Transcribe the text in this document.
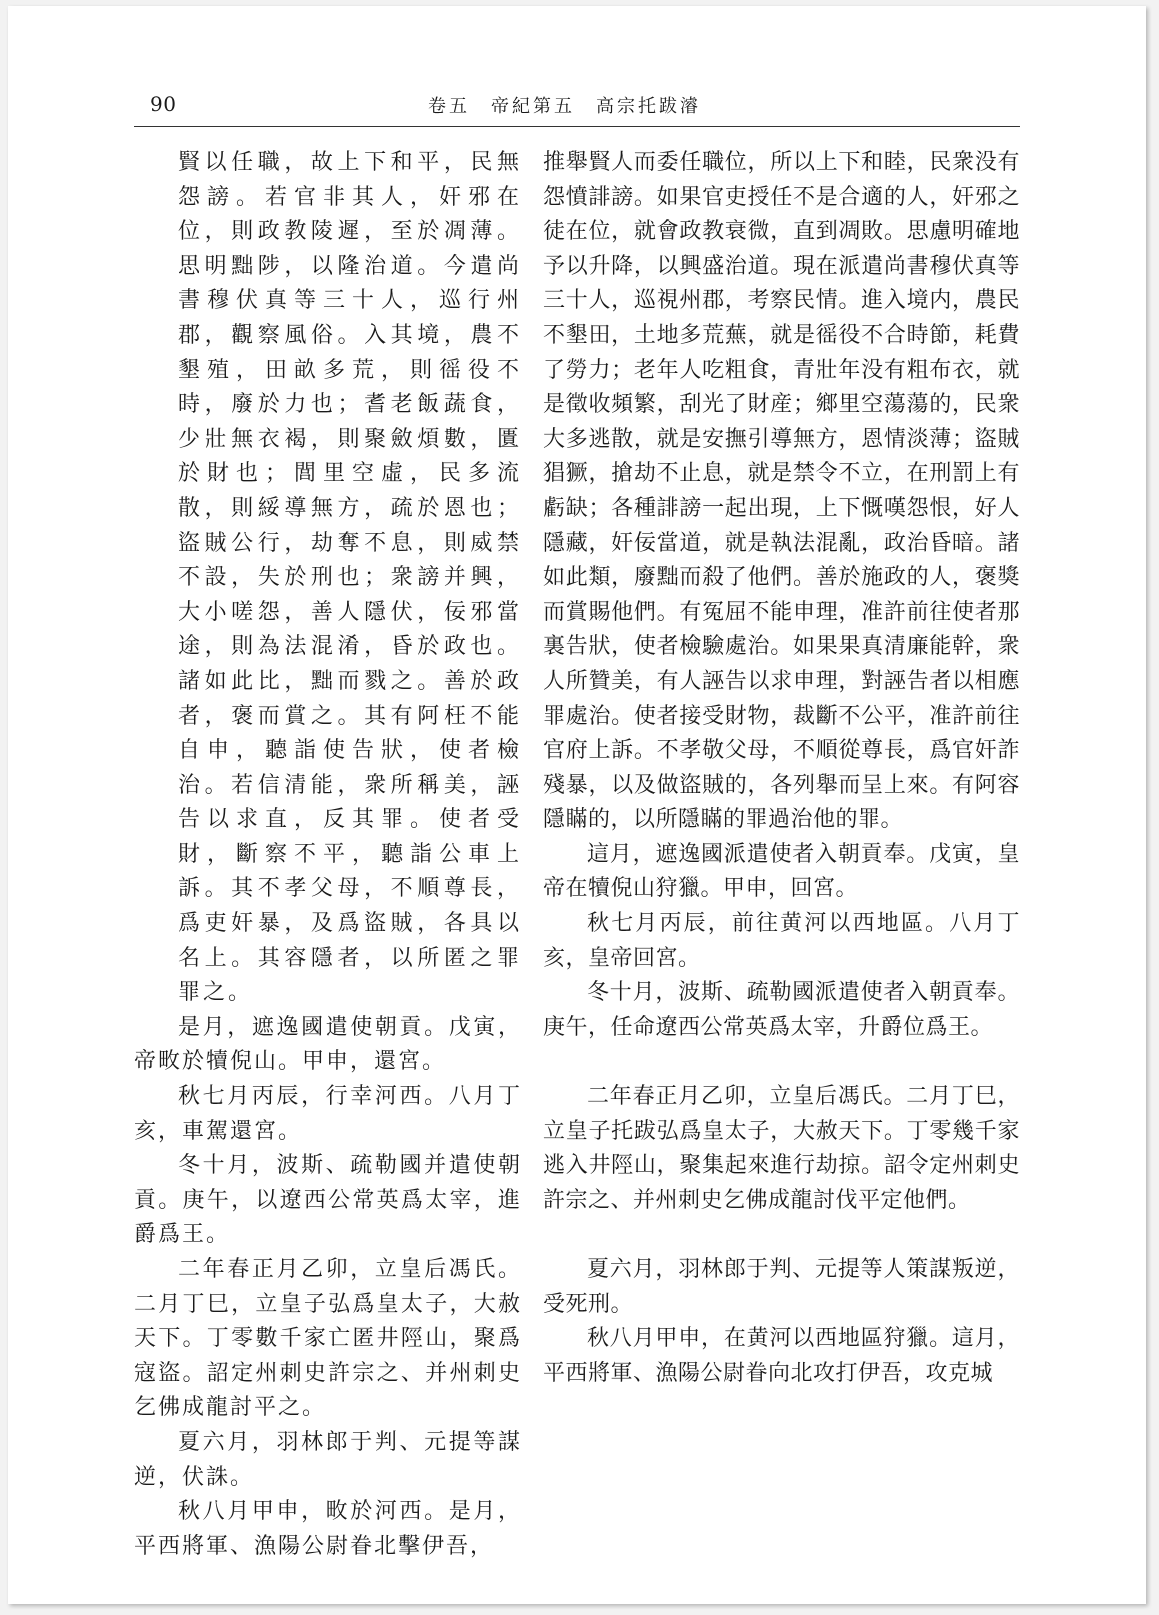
90	卷五　帝紀第五　高宗托跋濬

賢以任職，故上下和平，民無怨謗。若官非其人，奸邪在位，則政教陵遲，至於凋薄。思明黜陟，以隆治道。今遣尚書穆伏真等三十人，巡行州郡，觀察風俗。入其境，農不墾殖，田畝多荒，則徭役不時，廢於力也；耆老飯蔬食，少壯無衣褐，則聚斂煩數，匱於財也；閭里空虛，民多流散，則綏導無方，疏於恩也；盜賊公行，劫奪不息，則威禁不設，失於刑也；衆謗并興，大小嗟怨，善人隱伏，佞邪當途，則為法混淆，昏於政也。諸如此比，黜而戮之。善於政者，褒而賞之。其有阿枉不能自申，聽詣使告狀，使者檢治。若信清能，衆所稱美，誣告以求直，反其罪。使者受財，斷察不平，聽詣公車上訴。其不孝父母，不順尊長，爲吏奸暴，及爲盜賊，各具以名上。其容隱者，以所匿之罪罪之。

是月，遮逸國遣使朝貢。戊寅，帝畋於犢倪山。甲申，還宮。

秋七月丙辰，行幸河西。八月丁亥，車駕還宮。

冬十月，波斯、疏勒國并遣使朝貢。庚午，以遼西公常英爲太宰，進爵爲王。

二年春正月乙卯，立皇后馮氏。二月丁巳，立皇子弘爲皇太子，大赦天下。丁零數千家亡匿井陘山，聚爲寇盜。詔定州刺史許宗之、并州刺史乞佛成龍討平之。

夏六月，羽林郎于判、元提等謀逆，伏誅。

秋八月甲申，畋於河西。是月，平西將軍、漁陽公尉眷北擊伊吾，

推舉賢人而委任職位，所以上下和睦，民衆没有怨憤誹謗。如果官吏授任不是合適的人，奸邪之徒在位，就會政教衰微，直到凋敗。思慮明確地予以升降，以興盛治道。現在派遣尚書穆伏真等三十人，巡視州郡，考察民情。進入境内，農民不墾田，土地多荒蕪，就是徭役不合時節，耗費了勞力；老年人吃粗食，青壯年没有粗布衣，就是徵收頻繁，刮光了財産；鄉里空蕩蕩的，民衆大多逃散，就是安撫引導無方，恩情淡薄；盜賊猖獗，搶劫不止息，就是禁令不立，在刑罰上有虧缺；各種誹謗一起出現，上下慨嘆怨恨，好人隱藏，奸佞當道，就是執法混亂，政治昏暗。諸如此類，廢黜而殺了他們。善於施政的人，褒獎而賞賜他們。有冤屈不能申理，准許前往使者那裏告狀，使者檢驗處治。如果果真清廉能幹，衆人所贊美，有人誣告以求申理，對誣告者以相應罪處治。使者接受財物，裁斷不公平，准許前往官府上訴。不孝敬父母，不順從尊長，爲官奸詐殘暴，以及做盜賊的，各列舉而呈上來。有阿容隱瞞的，以所隱瞞的罪過治他的罪。

這月，遮逸國派遣使者入朝貢奉。戊寅，皇帝在犢倪山狩獵。甲申，回宮。

秋七月丙辰，前往黄河以西地區。八月丁亥，皇帝回宮。

冬十月，波斯、疏勒國派遣使者入朝貢奉。庚午，任命遼西公常英爲太宰，升爵位爲王。

二年春正月乙卯，立皇后馮氏。二月丁巳，立皇子托跋弘爲皇太子，大赦天下。丁零幾千家逃入井陘山，聚集起來進行劫掠。詔令定州刺史許宗之、并州刺史乞佛成龍討伐平定他們。

夏六月，羽林郎于判、元提等人策謀叛逆，受死刑。

秋八月甲申，在黄河以西地區狩獵。這月，平西將軍、漁陽公尉眷向北攻打伊吾，攻克城
